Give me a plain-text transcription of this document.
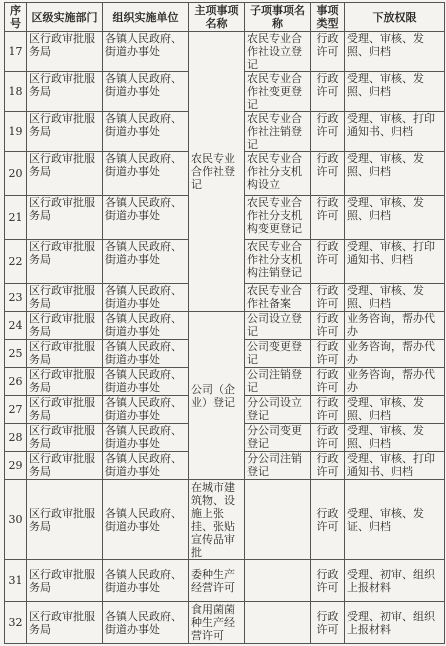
序号	区级实施部门	组织实施单位	主项事项名称	子项事项名称	事项类型	下放权限
17	区行政审批服务局	各镇人民政府、街道办事处	农民专业合作社登记	农民专业合作社设立登记	行政许可	受理、审核、发照、归档
18	区行政审批服务局	各镇人民政府、街道办事处		农民专业合作社变更登记	行政许可	受理、审核、发照、归档
19	区行政审批服务局	各镇人民政府、街道办事处		农民专业合作社注销登记	行政许可	受理、审核、打印通知书、归档
20	区行政审批服务局	各镇人民政府、街道办事处		农民专业合作社分支机构设立	行政许可	受理、审核、发照、归档
21	区行政审批服务局	各镇人民政府、街道办事处		农民专业合作社分支机构变更登记	行政许可	受理、审核、发照、归档
22	区行政审批服务局	各镇人民政府、街道办事处		农民专业合作社分支机构注销登记	行政许可	受理、审核、打印通知书、归档
23	区行政审批服务局	各镇人民政府、街道办事处		农民专业合作社备案	行政许可	受理、审核、发照、归档
24	区行政审批服务局	各镇人民政府、街道办事处	公司（企业）登记	公司设立登记	行政许可	业务咨询，帮办代办
25	区行政审批服务局	各镇人民政府、街道办事处		公司变更登记	行政许可	业务咨询，帮办代办
26	区行政审批服务局	各镇人民政府、街道办事处		公司注销登记	行政许可	业务咨询，帮办代办
27	区行政审批服务局	各镇人民政府、街道办事处		分公司设立登记	行政许可	受理、审核、发照、归档
28	区行政审批服务局	各镇人民政府、街道办事处		分公司变更登记	行政许可	受理、审核、发照、归档
29	区行政审批服务局	各镇人民政府、街道办事处		分公司注销登记	行政许可	受理、审核、打印通知书、归档
30	区行政审批服务局	各镇人民政府、街道办事处	在城市建筑物、设施上张挂、张贴宣传品审批		行政许可	受理、审核、发证、归档
31	区行政审批服务局	各镇人民政府、街道办事处	委种生产经营许可		行政许可	受理、初审、组织上报材料
32	区行政审批服务局	各镇人民政府、街道办事处	食用菌菌种生产经营许可		行政许可	受理、初审、组织上报材料
